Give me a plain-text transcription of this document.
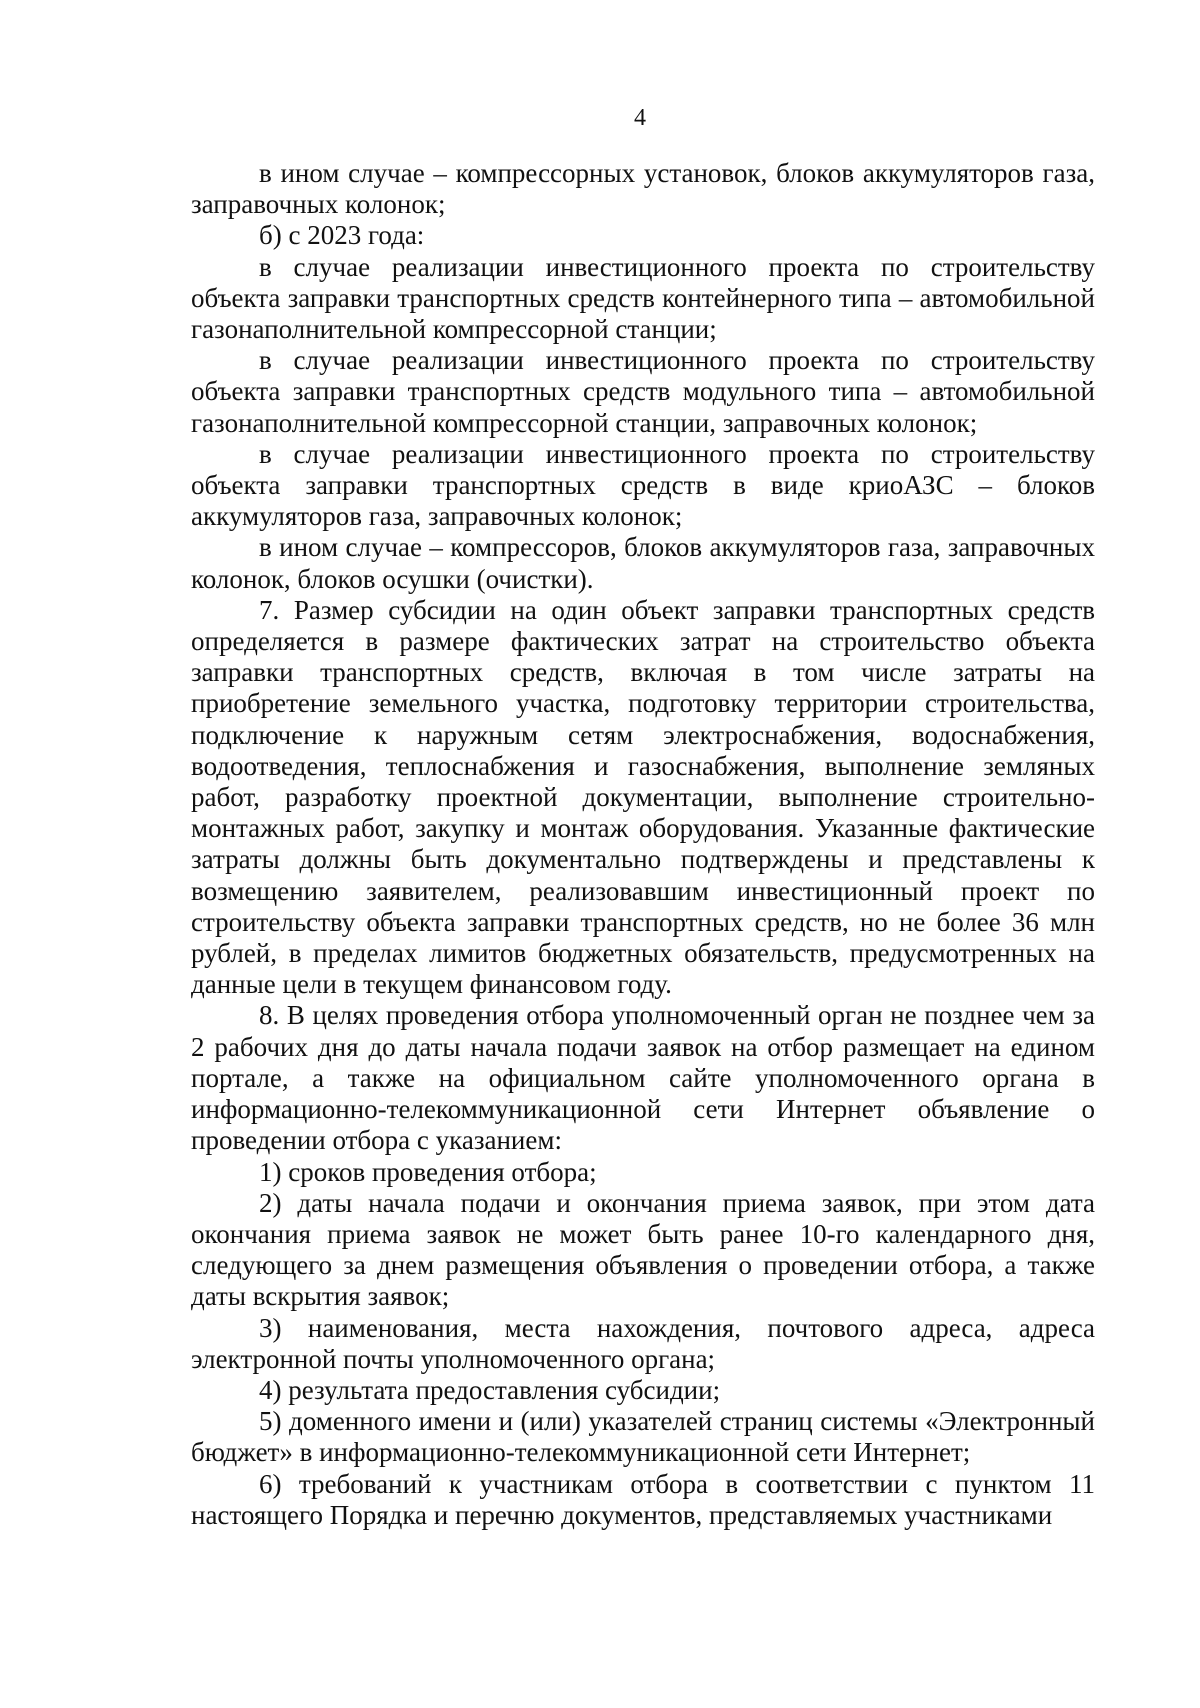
4

в ином случае – компрессорных установок, блоков аккумуляторов газа, заправочных колонок;

б) с 2023 года:

в случае реализации инвестиционного проекта по строительству объекта заправки транспортных средств контейнерного типа – автомобильной газонаполнительной компрессорной станции;

в случае реализации инвестиционного проекта по строительству объекта заправки транспортных средств модульного типа – автомобильной газонаполнительной компрессорной станции, заправочных колонок;

в случае реализации инвестиционного проекта по строительству объекта заправки транспортных средств в виде криоАЗС – блоков аккумуляторов газа, заправочных колонок;

в ином случае – компрессоров, блоков аккумуляторов газа, заправочных колонок, блоков осушки (очистки).

7. Размер субсидии на один объект заправки транспортных средств определяется в размере фактических затрат на строительство объекта заправки транспортных средств, включая в том числе затраты на приобретение земельного участка, подготовку территории строительства, подключение к наружным сетям электроснабжения, водоснабжения, водоотведения, теплоснабжения и газоснабжения, выполнение земляных работ, разработку проектной документации, выполнение строительно-монтажных работ, закупку и монтаж оборудования. Указанные фактические затраты должны быть документально подтверждены и представлены к возмещению заявителем, реализовавшим инвестиционный проект по строительству объекта заправки транспортных средств, но не более 36 млн рублей, в пределах лимитов бюджетных обязательств, предусмотренных на данные цели в текущем финансовом году.

8. В целях проведения отбора уполномоченный орган не позднее чем за 2 рабочих дня до даты начала подачи заявок на отбор размещает на едином портале, а также на официальном сайте уполномоченного органа в информационно-телекоммуникационной сети Интернет объявление о проведении отбора с указанием:

1) сроков проведения отбора;

2) даты начала подачи и окончания приема заявок, при этом дата окончания приема заявок не может быть ранее 10-го календарного дня, следующего за днем размещения объявления о проведении отбора, а также даты вскрытия заявок;

3) наименования, места нахождения, почтового адреса, адреса электронной почты уполномоченного органа;

4) результата предоставления субсидии;

5) доменного имени и (или) указателей страниц системы «Электронный бюджет» в информационно-телекоммуникационной сети Интернет;

6) требований к участникам отбора в соответствии с пунктом 11 настоящего Порядка и перечню документов, представляемых участниками
